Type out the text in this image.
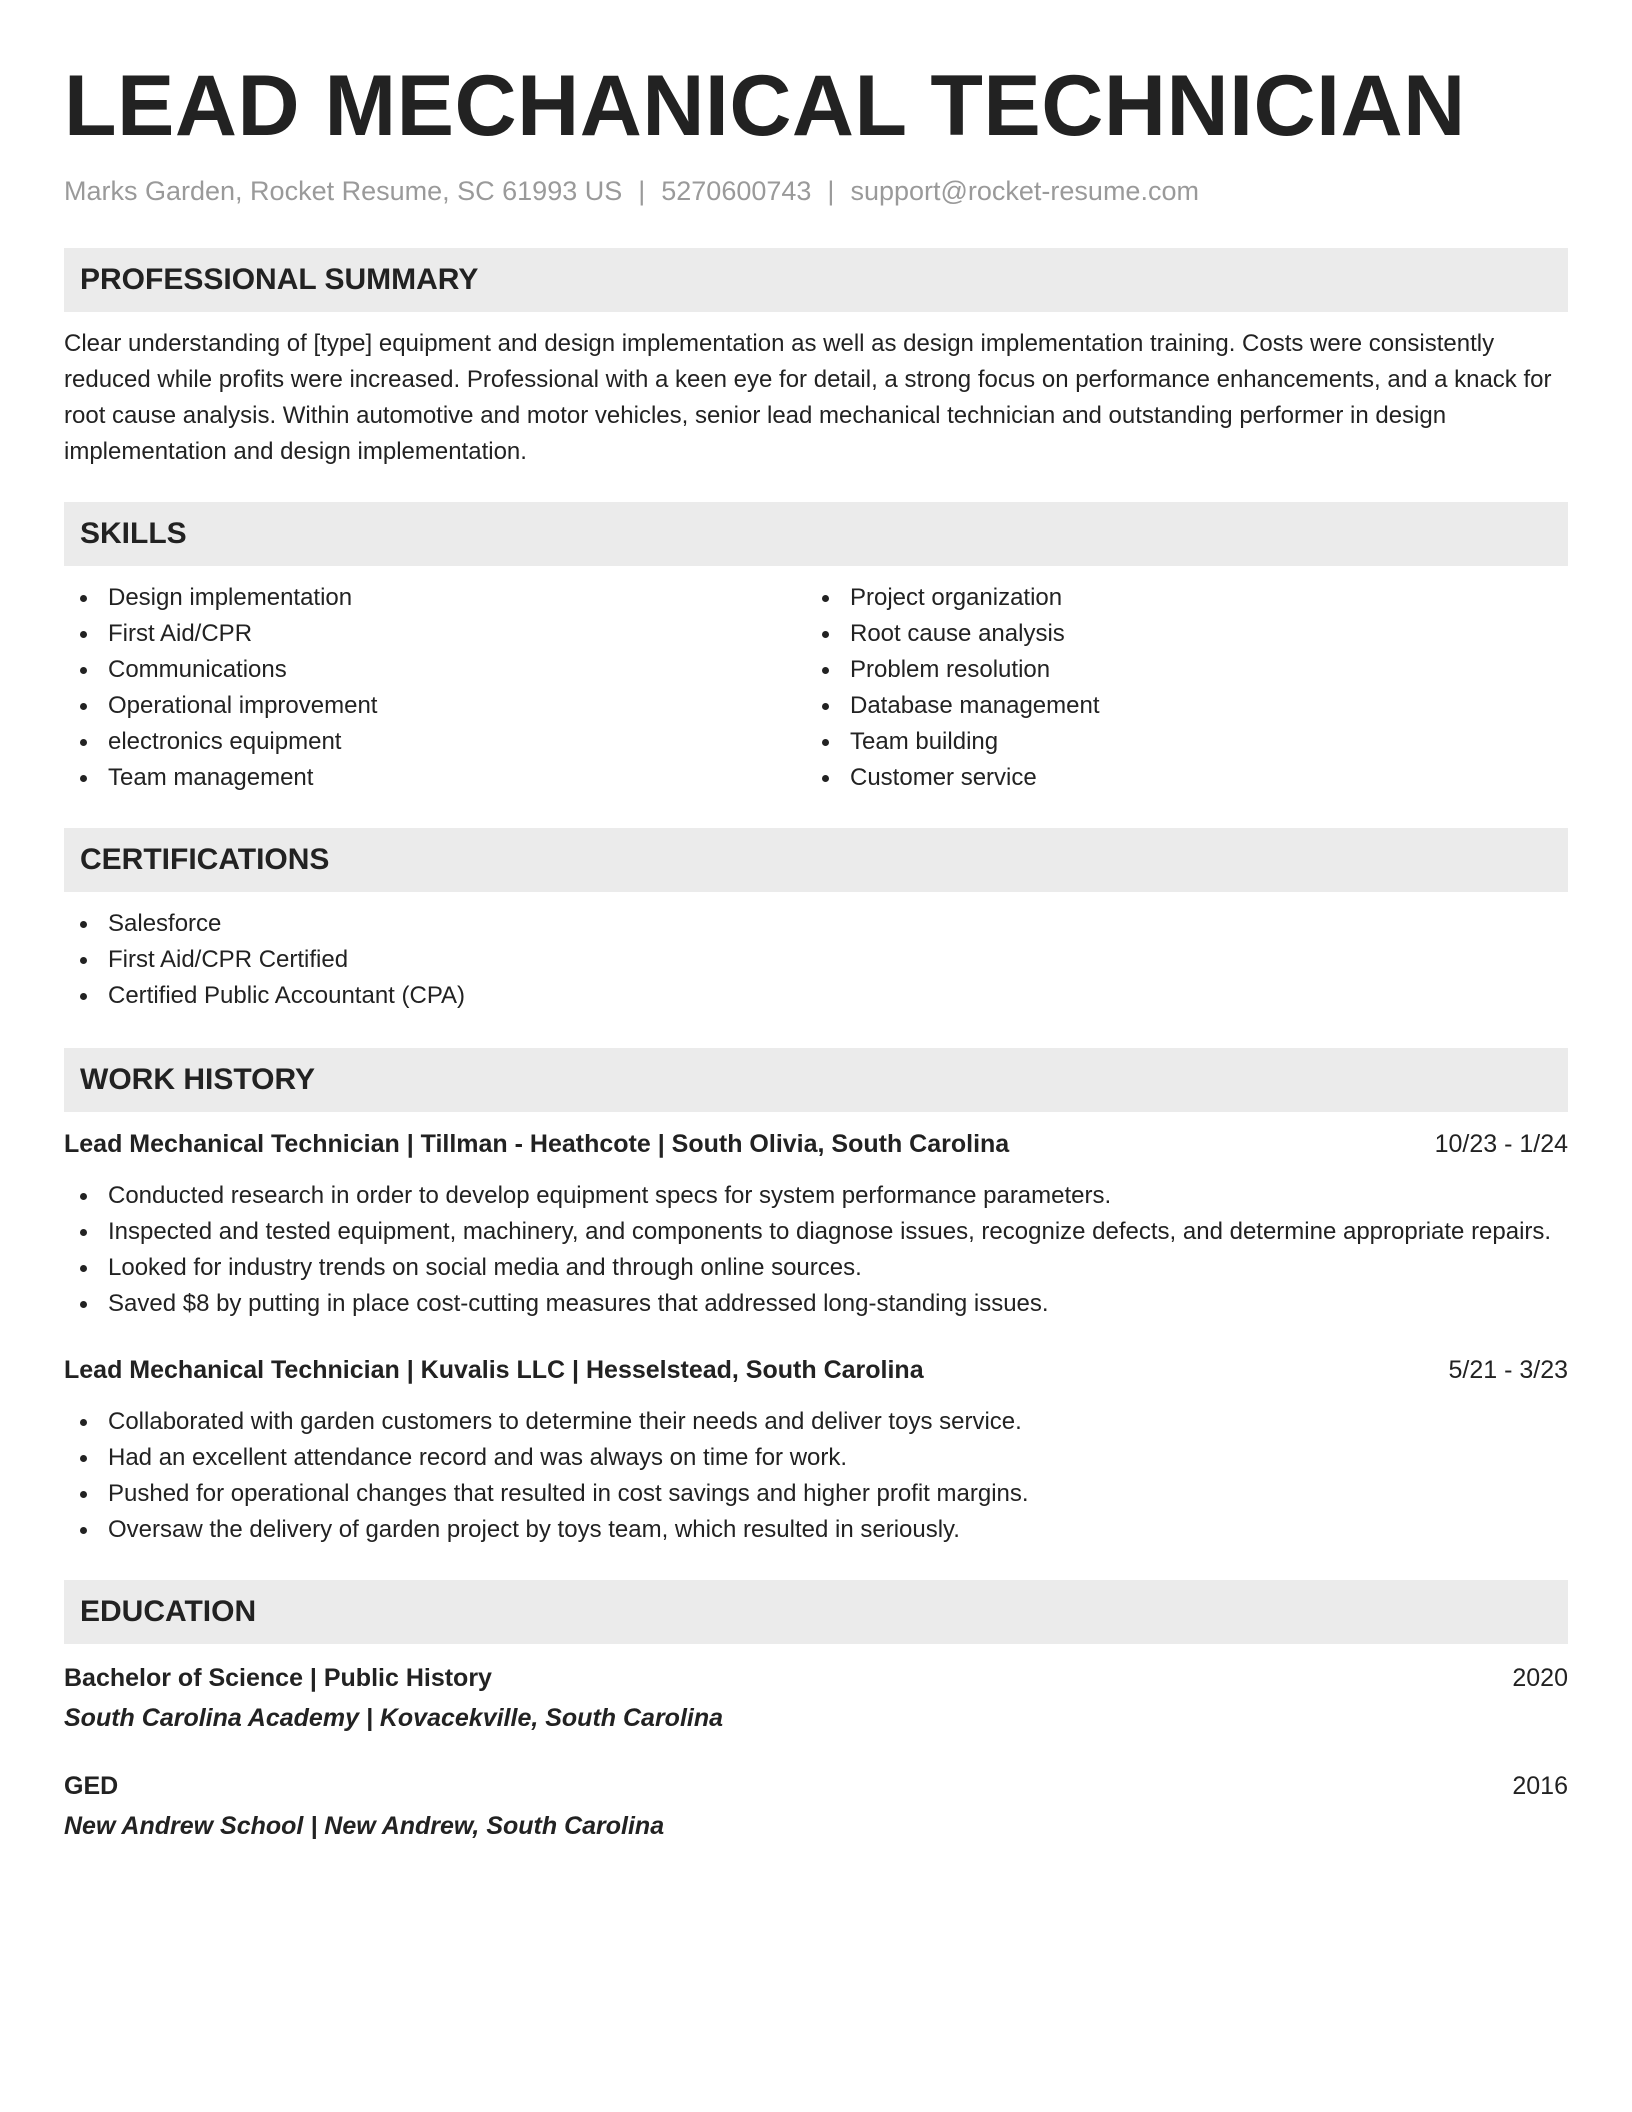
LEAD MECHANICAL TECHNICIAN
Marks Garden, Rocket Resume, SC 61993 US | 5270600743 | support@rocket-resume.com
PROFESSIONAL SUMMARY

Clear understanding of [type] equipment and design implementation as well as design implementation training. Costs were consistently reduced while profits were increased. Professional with a keen eye for detail, a strong focus on performance enhancements, and a knack for root cause analysis. Within automotive and motor vehicles, senior lead mechanical technician and outstanding performer in design implementation and design implementation.

SKILLS
Design implementation
First Aid/CPR
Communications
Operational improvement
electronics equipment
Team management
Project organization
Root cause analysis
Problem resolution
Database management
Team building
Customer service
CERTIFICATIONS
Salesforce
First Aid/CPR Certified
Certified Public Accountant (CPA)
WORK HISTORY
Lead Mechanical Technician | Tillman - Heathcote | South Olivia, South Carolina	10/23 - 1/24
Conducted research in order to develop equipment specs for system performance parameters.
Inspected and tested equipment, machinery, and components to diagnose issues, recognize defects, and determine appropriate repairs.
Looked for industry trends on social media and through online sources.
Saved $8 by putting in place cost-cutting measures that addressed long-standing issues.
Lead Mechanical Technician | Kuvalis LLC | Hesselstead, South Carolina	5/21 - 3/23
Collaborated with garden customers to determine their needs and deliver toys service.
Had an excellent attendance record and was always on time for work.
Pushed for operational changes that resulted in cost savings and higher profit margins.
Oversaw the delivery of garden project by toys team, which resulted in seriously.
EDUCATION
Bachelor of Science | Public History	2020
South Carolina Academy | Kovacekville, South Carolina
GED	2016
New Andrew School | New Andrew, South Carolina
